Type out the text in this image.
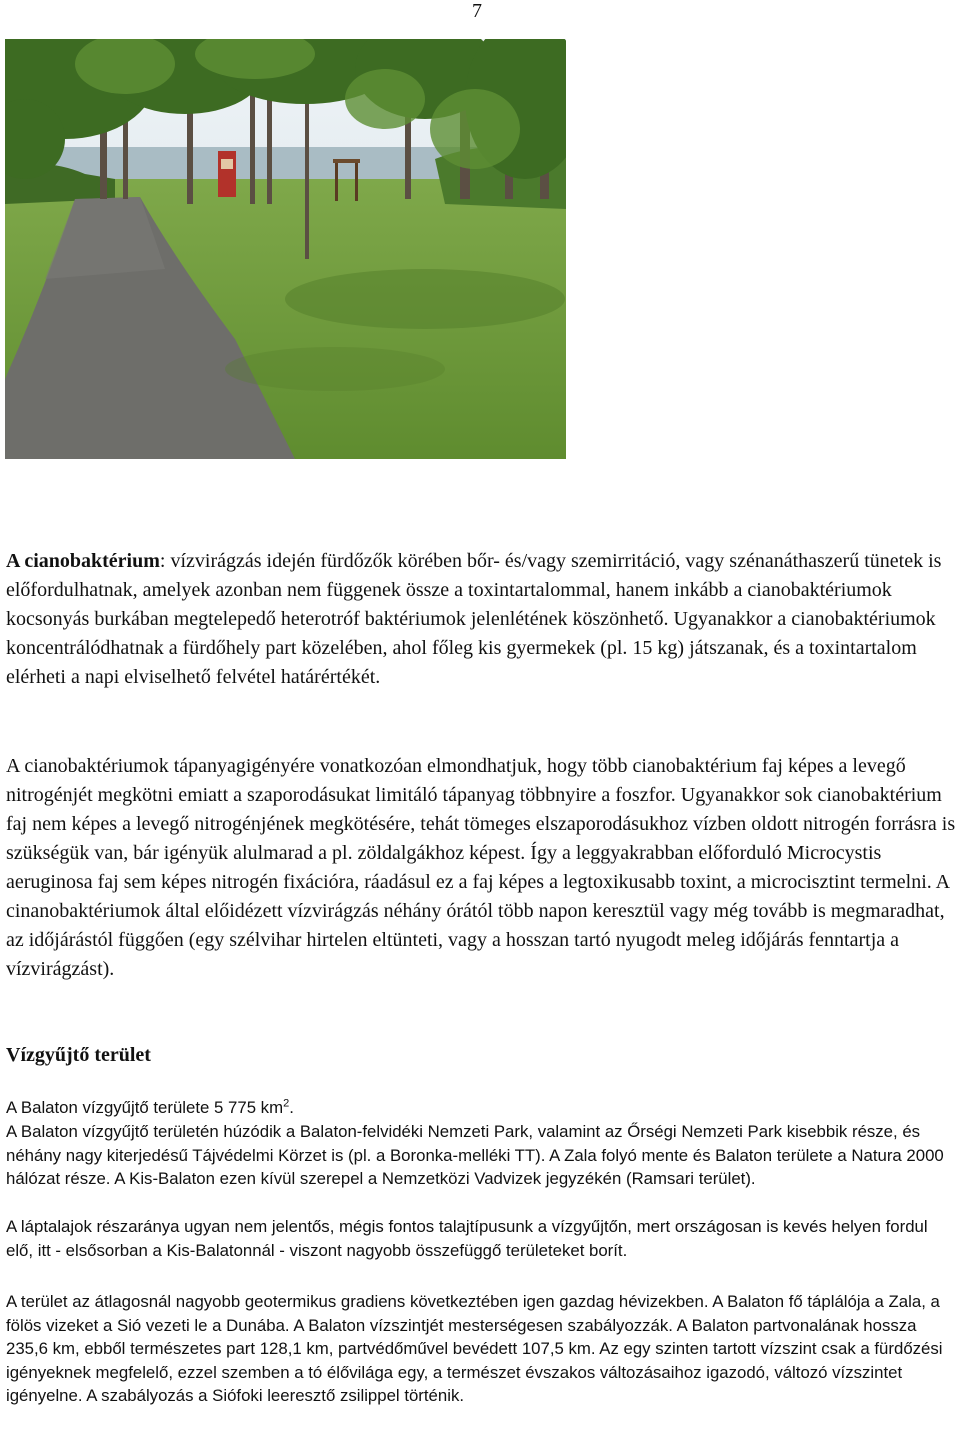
7

A cianobaktérium: vízvirágzás idején fürdőzők körében bőr- és/vagy szemirritáció, vagy szénanáthaszerű tünetek is előfordulhatnak, amelyek azonban nem függenek össze a toxintartalommal, hanem inkább a cianobaktériumok kocsonyás burkában megtelepedő heterotróf baktériumok jelenlétének köszönhető. Ugyanakkor a cianobaktériumok koncentrálódhatnak a fürdőhely part közelében, ahol főleg kis gyermekek (pl. 15 kg) játszanak, és a toxintartalom elérheti a napi elviselhető felvétel határértékét.

A cianobaktériumok tápanyagigényére vonatkozóan elmondhatjuk, hogy több cianobaktérium faj képes a levegő nitrogénjét megkötni emiatt a szaporodásukat limitáló tápanyag többnyire a foszfor. Ugyanakkor sok cianobaktérium faj nem képes a levegő nitrogénjének megkötésére, tehát tömeges elszaporodásukhoz vízben oldott nitrogén forrásra is szükségük van, bár igényük alulmarad a pl. zöldalgákhoz képest. Így a leggyakrabban előforduló Microcystis aeruginosa faj sem képes nitrogén fixációra, ráadásul ez a faj képes a legtoxikusabb toxint, a microcisztint termelni. A cinanobaktériumok által előidézett vízvirágzás néhány órától több napon keresztül vagy még tovább is megmaradhat, az időjárástól függően (egy szélvihar hirtelen eltünteti, vagy a hosszan tartó nyugodt meleg időjárás fenntartja a vízvirágzást).

Vízgyűjtő terület

A Balaton vízgyűjtő területe 5 775 $km^2$.

A Balaton vízgyűjtő területén húzódik a Balaton-felvidéki Nemzeti Park, valamint az Őrségi Nemzeti Park kisebbik része, és néhány nagy kiterjedésű Tájvédelmi Körzet is (pl. a Boronka-melléki TT). A Zala folyó mente és Balaton területe a Natura 2000 hálózat része. A Kis-Balaton ezen kívül szerepel a Nemzetközi Vadvizek jegyzékén (Ramsari terület).

A láptalajok részaránya ugyan nem jelentős, mégis fontos talajtípusunk a vízgyűjtőn, mert országosan is kevés helyen fordul elő, itt - elsősorban a Kis-Balatonnál - viszont nagyobb összefüggő területeket borít.

A terület az átlagosnál nagyobb geotermikus gradiens következtében igen gazdag hévizekben. A Balaton fő táplálója a Zala, a fölös vizeket a Sió vezeti le a Dunába. A Balaton vízszintjét mesterségesen szabályozzák. A Balaton partvonalának hossza 235,6 km, ebből természetes part 128,1 km, partvédőművel bevédett 107,5 km. Az egy szinten tartott vízszint csak a fürdőzési igényeknek megfelelő, ezzel szemben a tó élővilága egy, a természet évszakos változásaihoz igazodó, változó vízszintet igényelne. A szabályozás a Siófoki leeresztő zsilippel történik.
